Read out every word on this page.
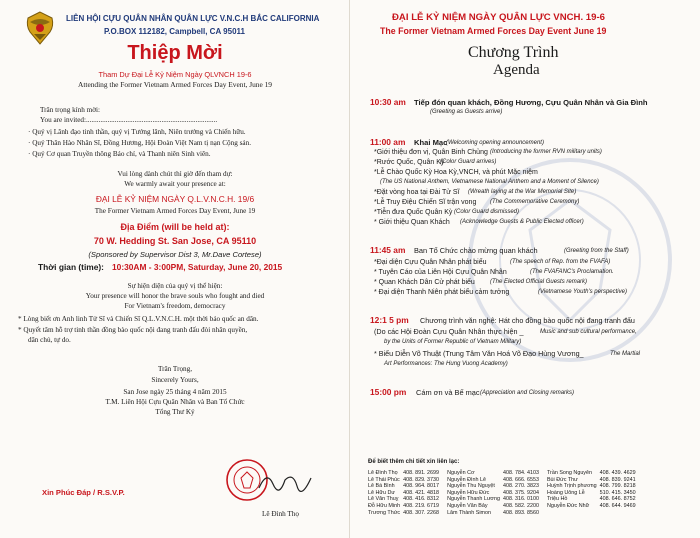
LIÊN HỘI CỰU QUÂN NHÂN QUÂN LỰC V.N.C.H BẮC CALIFORNIA
P.O.BOX 112182, Campbell, CA 95011
Thiệp Mời
Tham Dự Đại Lễ Kỷ Niệm Ngày QLVNCH 19-6
Attending the Former Vietnam Armed Forces Day Event, June 19
Trân trọng kính mời:
You are invited:.........................................................................
· Quý vị Lãnh đạo tinh thần, quý vị Tướng lãnh, Niên trưởng và Chiến hữu.
· Quý Thân Hào Nhân Sĩ, Đồng Hương, Hội Đoàn Việt Nam tị nạn Cộng sản.
· Quý Cơ quan Truyền thông Báo chí, và Thanh niên Sinh viên.
Vui lòng dành chút thì giờ đến tham dự:
We warmly await your presence at:
ĐẠI LỄ KỶ NIỆM NGÀY Q.L.V.N.C.H. 19/6
The Former Vietnam Armed Forces Day Event, June 19
Địa Điểm (will be held at):
70 W. Hedding St. San Jose, CA 95110
(Sponsored by Supervisor Dist 3, Mr.Dave Cortese)
Thời gian (time): 10:30AM - 3:00PM, Saturday, June 20, 2015
Sự hiện diện của quý vị thể hiện:
Your presence will honor the brave souls who fought and died
For Vietnam's freedom, democracy
* Lòng biết ơn Anh linh Tử Sĩ và Chiến Sĩ Q.L.V.N.C.H. một thời bảo quốc an dân.
* Quyết tâm hỗ trợ tinh thần đồng bào quốc nội đang tranh đấu đòi nhân quyền,
dân chủ, tự do.
Trân Trọng,
Sincerely Yours,
San Jose ngày 25 tháng 4 năm 2015
T.M. Liên Hội Cựu Quân Nhân và Ban Tổ Chức
Tổng Thư Ký
Xin Phúc Đáp / R.S.V.P.
Lê Đình Thọ
ĐẠI LỄ KỶ NIỆM NGÀY QUÂN LỰC VNCH. 19-6
The Former Vietnam Armed Forces Day Event June 19
Chương Trình
Agenda
10:30 am Tiếp đón quan khách, Đồng Hương, Cựu Quân Nhân và Gia Đình
(Greeting as Guests arrive)
11:00 am Khai Mạc
(Welcoming opening announcement)
*Giới thiệu đơn vị, Quân Binh Chủng (Introducing the former RVN military units)
*Rước Quốc, Quân Kỳ
(Color Guard arrives)
*Lễ Chào Quốc Kỳ Hoa Kỳ,VNCH, và phút Mặc niệm
(The US National Anthem, Vietnamese National Anthem and a Moment of Silence)
*Đặt vòng hoa tại Đài Tử Sĩ (Wreath laying at the War Memorial Site)
*Lễ Truy Điệu Chiến Sĩ trận vong (The Commemorative Ceremony)
*Tiễn đưa Quốc Quân Kỳ (Color Guard dismissed)
* Giới thiệu Quan Khách (Acknowledge Guests & Public Elected officer)
11:45 am Ban Tổ Chức chào mừng quan khách	(Greeting from the Staff)
*Đại diện Cựu Quân Nhân phát biểu	(The speech of Rep. from the FVAFA)
* Tuyên Cáo của Liên Hội Cựu Quân Nhân	(The FVAFANC's Proclamation.
* Quan Khách Dân Cử phát biểu	(The Elected Official Guests remark)
* Đại diện Thanh Niên phát biểu cảm tưởng	(Vietnamese Youth's perspective)
12:1 5 pm Chương trình văn nghệ: Hát cho đồng bào quốc nội đang tranh đấu
(Do các Hội Đoàn Cựu Quân Nhân thực hiện _	Music and sub cultural performance,
by the Units of Former Republic of Vietnam Military)
* Biểu Diễn Võ Thuật (Trung Tâm Văn Hoá Võ Đạo Hùng Vương_	The Martial
Art Performances: The Hung Vuong Academy)
15:00 pm Cám ơn và Bế mạc (Appreciation and Closing remarks)
Để biết thêm chi tiết xin liên lạc:
Lê Đình Thọ	408. 891. 2699	Nguyễn Cơ	408. 784. 4103	Trần Song Nguyên	408. 439. 4629
Lê Thái Phúc	408. 829. 3730	Nguyễn Đình Lê	408. 666. 6553	Bùi Đức Thư	408. 839. 9241
Lê Bá Bình	408. 964. 8017	Nguyễn Thu Nguyệt	408. 270. 3823	Huỳnh Trịnh phương	408. 799. 8218
Lê Hữu Dư	408. 421. 4818	Nguyễn Hữu Đức	408. 375. 9204	Hoàng Uông Lễ	510. 415. 3450
Lê Văn Thuỵ	408. 416. 8312	Nguyễn Thanh Lương	408. 316. 0100	Triệu Hồ	408. 646. 8752
Đỗ Hữu Minh	408. 219. 6719	Nguyễn Văn Bảy	408. 582. 2200	Nguyễn Đức Nhữ	408. 644. 9469
Trương Thức	408. 307. 2268	Lâm Thành Simon	408. 893. 8560		
